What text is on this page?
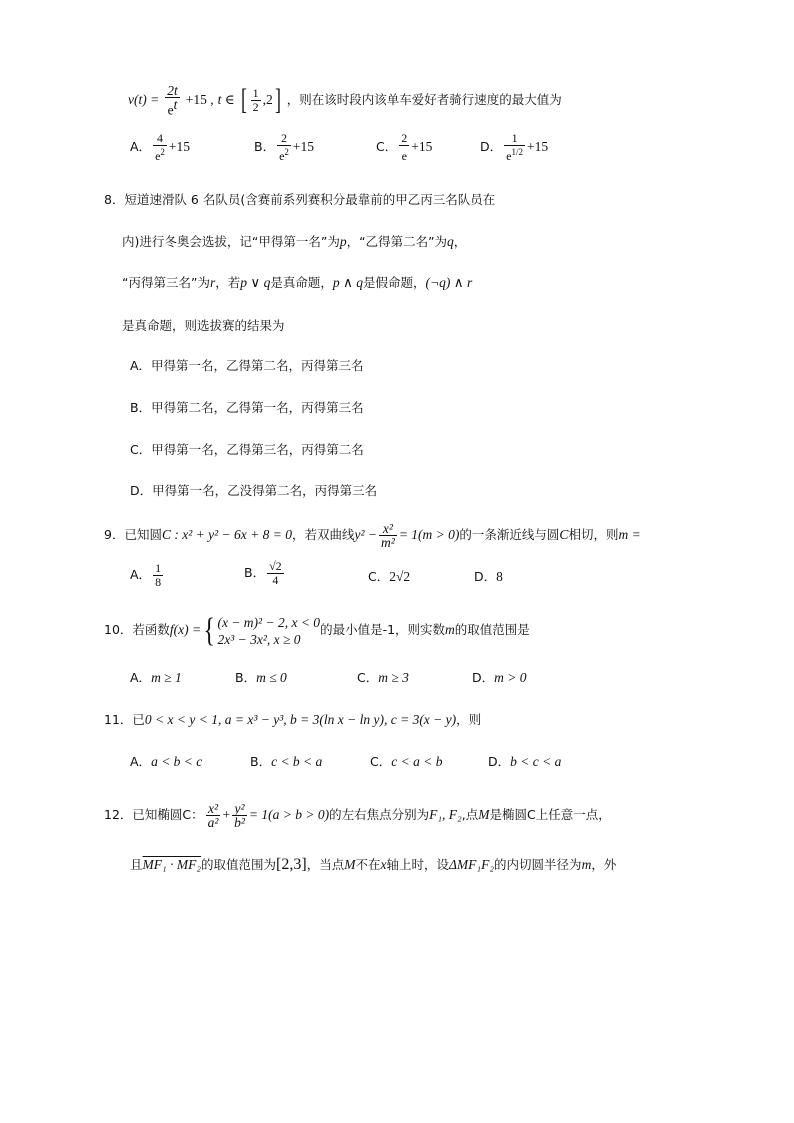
$v(t) = \frac{2t}{e^t} +15$ , t ∈ [ $\frac{1}{2} ,2$] ，则在该时段内该单车爱好者骑行速度的最大值为
A． $\frac{4}{e^2} +15$	B． $\frac{2}{e^2} +15$	C． $\frac{2}{e} +15$	D． $\frac{1}{e^{1/2}} +15$
8．短道速滑队 6 名队员(含赛前系列赛积分最靠前的甲乙丙三名队员在
内)进行冬奥会选拔，记“甲得第一名”为p，“乙得第二名”为q，
“丙得第三名”为r，若p ∨ q是真命题，p ∧ q是假命题，(¬q) ∧ r
是真命题，则选拔赛的结果为
A．甲得第一名，乙得第二名，丙得第三名
B．甲得第二名，乙得第一名，丙得第三名
C．甲得第一名，乙得第三名，丙得第二名
D．甲得第一名，乙没得第二名，丙得第三名
9．已知圆C : x² + y² − 6x + 8 = 0，若双曲线$y^2 - \frac{\text{x²}}{\text{m²}} = 1(m > 0)$的一条渐近线与圆C相切，则m =
A． $\frac{1}{8}$	B． $\frac{√2}{4}$	C．2√2	D．8
10．若函数f(x) ={ (x − m)² − 2, x < 0
2x³ − 3x², x ≥ 0
的最小值是-1，则实数m的取值范围是
A．m ≥ 1	B．m ≤ 0	C．m ≥ 3	D．m > 0
11．已0 < x < y < 1, a = x³ − y³, b = 3(ln x − ln y), c = 3(x − y)，则
A．a < b < c	B．c < b < a	C．c < a < b	D．b < c < a
12．已知椭圆C： $\frac{\text{x²}}{\text{a²}} + \frac{\text{y²}}{\text{b²}} = 1(a > b > 0)$的左右焦点分别为F₁, F₂,点M是椭圆C上任意一点，
且MF₁ · MF₂的取值范围为[2,3]，当点M不在x轴上时，设ΔMF₁F₂的内切圆半径为m，外
